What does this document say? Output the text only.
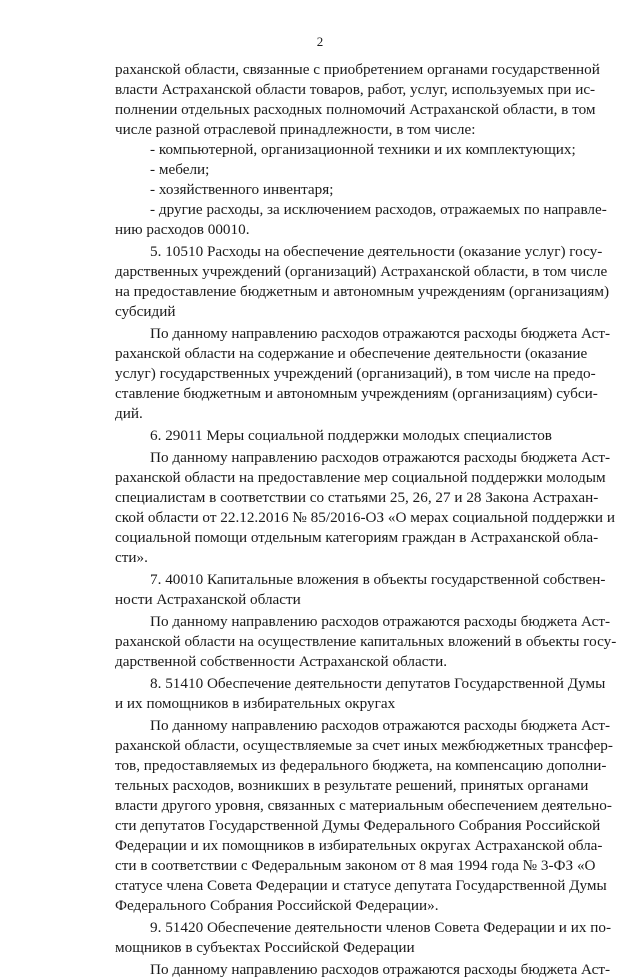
2
раханской области, связанные с приобретением органами государственной
власти Астраханской области товаров, работ, услуг, используемых при ис-
полнении отдельных расходных полномочий Астраханской области, в том
числе разной отраслевой принадлежности, в том числе:
- компьютерной, организационной техники и их комплектующих;
- мебели;
- хозяйственного инвентаря;
- другие расходы, за исключением расходов, отражаемых по направле-
нию расходов 00010.
5. 10510 Расходы на обеспечение деятельности (оказание услуг) госу-
дарственных учреждений (организаций) Астраханской области, в том числе
на предоставление бюджетным и автономным учреждениям (организациям)
субсидий
По данному направлению расходов отражаются расходы бюджета Аст-
раханской области на содержание и обеспечение деятельности (оказание
услуг) государственных учреждений (организаций), в том числе на предо-
ставление бюджетным и автономным учреждениям (организациям) субси-
дий.
6. 29011 Меры социальной поддержки молодых специалистов
По данному направлению расходов отражаются расходы бюджета Аст-
раханской области на предоставление мер социальной поддержки молодым
специалистам в соответствии со статьями 25, 26, 27 и 28 Закона Астрахан-
ской области от 22.12.2016 № 85/2016-ОЗ «О мерах социальной поддержки и
социальной помощи отдельным категориям граждан в Астраханской обла-
сти».
7. 40010 Капитальные вложения в объекты государственной собствен-
ности Астраханской области
По данному направлению расходов отражаются расходы бюджета Аст-
раханской области на осуществление капитальных вложений в объекты госу-
дарственной собственности Астраханской области.
8. 51410 Обеспечение деятельности депутатов Государственной Думы
и их помощников в избирательных округах
По данному направлению расходов отражаются расходы бюджета Аст-
раханской области, осуществляемые за счет иных межбюджетных трансфер-
тов, предоставляемых из федерального бюджета, на компенсацию дополни-
тельных расходов, возникших в результате решений, принятых органами
власти другого уровня, связанных с материальным обеспечением деятельно-
сти депутатов Государственной Думы Федерального Собрания Российской
Федерации и их помощников в избирательных округах Астраханской обла-
сти в соответствии с Федеральным законом от 8 мая 1994 года № 3-ФЗ «О
статусе члена Совета Федерации и статусе депутата Государственной Думы
Федерального Собрания Российской Федерации».
9. 51420 Обеспечение деятельности членов Совета Федерации и их по-
мощников в субъектах Российской Федерации
По данному направлению расходов отражаются расходы бюджета Аст-
